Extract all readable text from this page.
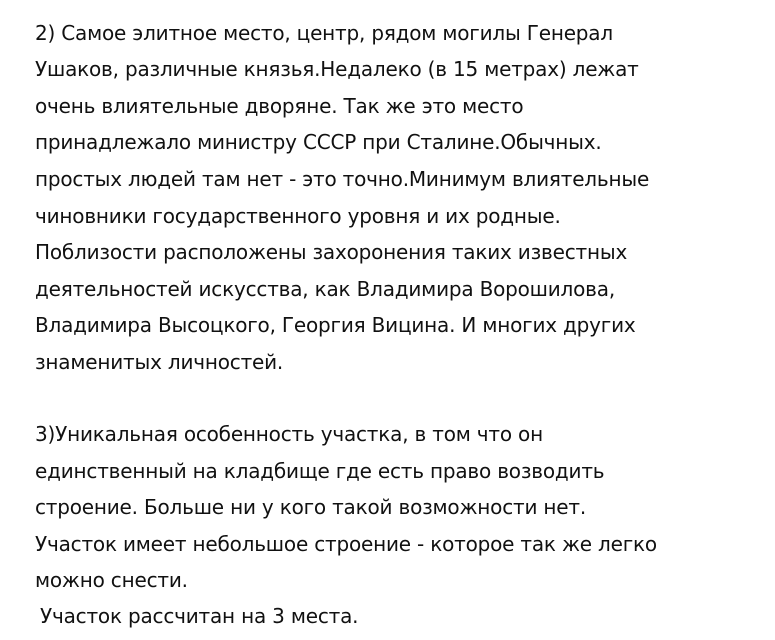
2) Самое элитное место, центр, рядом могилы Генерал
Ушаков, различные князья.Недалеко (в 15 метрах) лежат
очень влиятельные дворяне. Так же это место
принадлежало министру СССР при Сталине.Обычных.
простых людей там нет - это точно.Минимум влиятельные
чиновники государственного уровня и их родные.
Поблизости расположены захоронения таких известных
деятельностей искусства, как Владимира Ворошилова,
Владимира Высоцкого, Георгия Вицина. И многих других
знаменитых личностей.
3)Уникальная особенность участка, в том что он
единственный на кладбище где есть право возводить
строение. Больше ни у кого такой возможности нет.
Участок имеет небольшое строение - которое так же легко
можно снести.
Участок рассчитан на 3 места.
